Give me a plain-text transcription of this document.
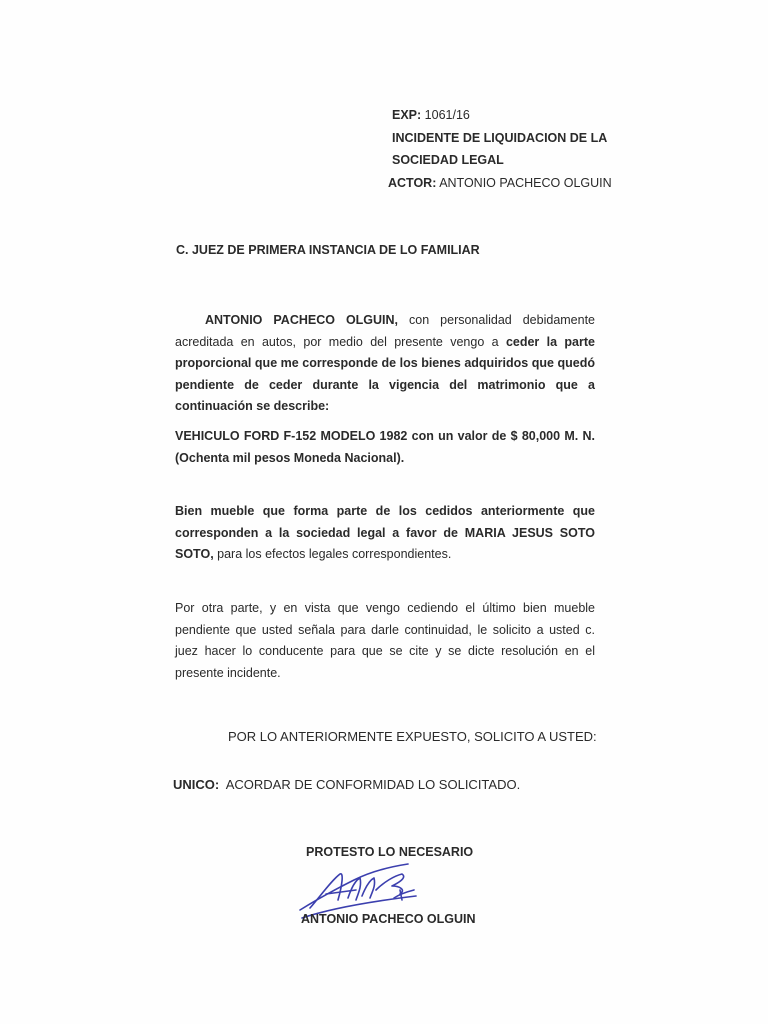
EXP: 1061/16
INCIDENTE DE LIQUIDACION DE LA
SOCIEDAD LEGAL
ACTOR: ANTONIO PACHECO OLGUIN
C. JUEZ DE PRIMERA INSTANCIA DE LO FAMILIAR
ANTONIO PACHECO OLGUIN, con personalidad debidamente acreditada en autos, por medio del presente vengo a ceder la parte proporcional que me corresponde de los bienes adquiridos que quedó pendiente de ceder durante la vigencia del matrimonio que a continuación se describe:
VEHICULO FORD F-152 MODELO 1982 con un valor de $ 80,000 M. N. (Ochenta mil pesos Moneda Nacional).
Bien mueble que forma parte de los cedidos anteriormente que corresponden a la sociedad legal a favor de MARIA JESUS SOTO SOTO, para los efectos legales correspondientes.
Por otra parte, y en vista que vengo cediendo el último bien mueble pendiente que usted señala para darle continuidad, le solicito a usted c. juez hacer lo conducente para que se cite y se dicte resolución en el presente incidente.
POR LO ANTERIORMENTE EXPUESTO, SOLICITO A USTED:
UNICO: ACORDAR DE CONFORMIDAD LO SOLICITADO.
PROTESTO LO NECESARIO
ANTONIO PACHECO OLGUIN
